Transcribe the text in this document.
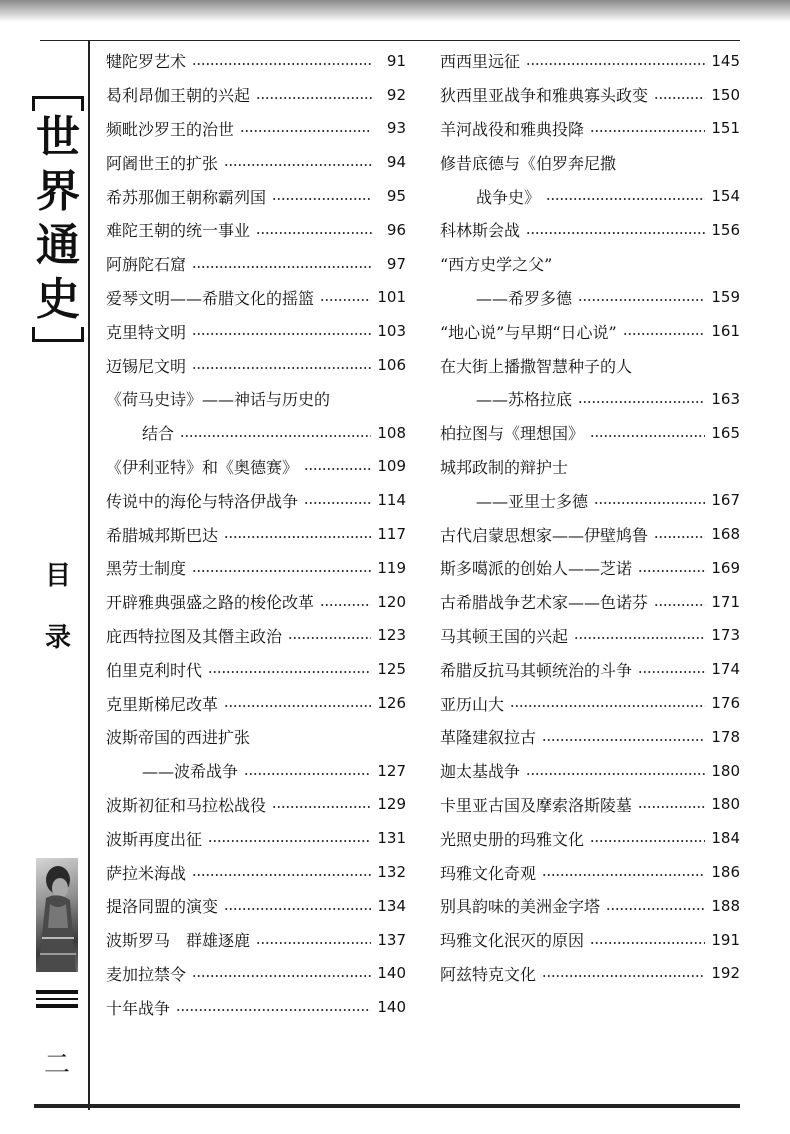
世
界
通
史
目
录
二
犍陀罗艺术	91
曷利昂伽王朝的兴起	92
频毗沙罗王的治世	93
阿阇世王的扩张	94
希苏那伽王朝称霸列国	95
难陀王朝的统一事业	96
阿旃陀石窟	97
爱琴文明——希腊文化的摇篮	101
克里特文明	103
迈锡尼文明	106
《荷马史诗》——神话与历史的
结合	108
《伊利亚特》和《奥德赛》	109
传说中的海伦与特洛伊战争	114
希腊城邦斯巴达	117
黑劳士制度	119
开辟雅典强盛之路的梭伦改革	120
庇西特拉图及其僭主政治	123
伯里克利时代	125
克里斯梯尼改革	126
波斯帝国的西进扩张
——波希战争	127
波斯初征和马拉松战役	129
波斯再度出征	131
萨拉米海战	132
提洛同盟的演变	134
波斯罗马　群雄逐鹿	137
麦加拉禁令	140
十年战争	140
西西里远征	145
狄西里亚战争和雅典寡头政变	150
羊河战役和雅典投降	151
修昔底德与《伯罗奔尼撒
战争史》	154
科林斯会战	156
“西方史学之父”
——希罗多德	159
“地心说”与早期“日心说”	161
在大街上播撒智慧种子的人
——苏格拉底	163
柏拉图与《理想国》	165
城邦政制的辩护士
——亚里士多德	167
古代启蒙思想家——伊壁鸠鲁	168
斯多噶派的创始人——芝诺	169
古希腊战争艺术家——色诺芬	171
马其顿王国的兴起	173
希腊反抗马其顿统治的斗争	174
亚历山大	176
革隆建叙拉古	178
迦太基战争	180
卡里亚古国及摩索洛斯陵墓	180
光照史册的玛雅文化	184
玛雅文化奇观	186
别具韵味的美洲金字塔	188
玛雅文化泯灭的原因	191
阿兹特克文化	192
